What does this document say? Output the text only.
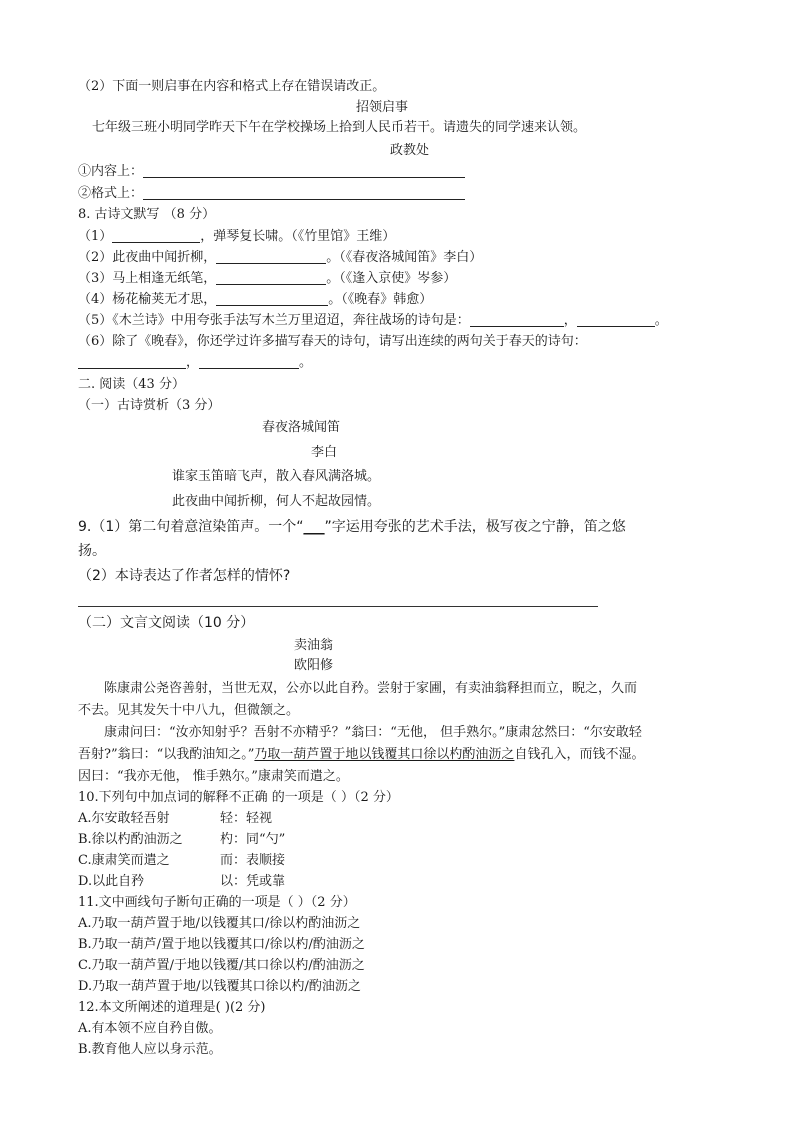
（2）下面一则启事在内容和格式上存在错误请改正。
招领启事
七年级三班小明同学昨天下午在学校操场上拾到人民币若干。请遗失的同学速来认领。
政教处
①内容上：
②格式上：
8. 古诗文默写 （8 分）
（1）	，弹琴复长啸。（《竹里馆》王维）
（2）此夜曲中闻折柳，	。（《春夜洛城闻笛》李白）
（3）马上相逢无纸笔，	。（《逢入京使》岑参）
（4）杨花榆荚无才思，	。（《晚春》韩愈）
（5）《木兰诗》中用夸张手法写木兰万里迢迢，奔往战场的诗句是：	，	。
（6）除了《晚春》，你还学过许多描写春天的诗句，请写出连续的两句关于春天的诗句：
，	。
二. 阅读（43 分）
（一）古诗赏析（3 分）
春夜洛城闻笛
李白
谁家玉笛暗飞声，散入春风满洛城。
此夜曲中闻折柳，何人不起故园情。
9.（1）第二句着意渲染笛声。一个“___”字运用夸张的艺术手法，极写夜之宁静，笛之悠
扬。
（2）本诗表达了作者怎样的情怀?
（二）文言文阅读（10 分）
卖油翁
欧阳修
陈康肃公尧咨善射，当世无双，公亦以此自矜。尝射于家圃，有卖油翁释担而立，睨之，久而
不去。见其发矢十中八九，但微颔之。
康肃问曰：“汝亦知射乎？吾射不亦精乎？”翁曰：“无他， 但手熟尔。”康肃忿然曰：“尔安敢轻
吾射?”翁曰：“以我酌油知之。”乃取一葫芦置于地以钱覆其口徐以杓酌油沥之自钱孔入，而钱不湿。
因曰：“我亦无他， 惟手熟尔。”康肃笑而遣之。
10.下列句中加点词的解释不正确 的一项是（ ）（2 分）
A.尔安敢轻吾射	轻：轻视
B.徐以杓酌油沥之	杓：同“勺”
C.康肃笑而遣之	而：表顺接
D.以此自矜	以：凭或靠
11.文中画线句子断句正确的一项是（ ）（2 分）
A.乃取一葫芦置于地/以钱覆其口/徐以杓酌油沥之
B.乃取一葫芦/置于地以钱覆其口/徐以杓/酌油沥之
C.乃取一葫芦置/于地以钱覆/其口徐以杓/酌油沥之
D.乃取一葫芦置于地/以钱覆其口徐以杓/酌油沥之
12.本文所阐述的道理是( )(2 分)
A.有本领不应自矜自傲。
B.教育他人应以身示范。
